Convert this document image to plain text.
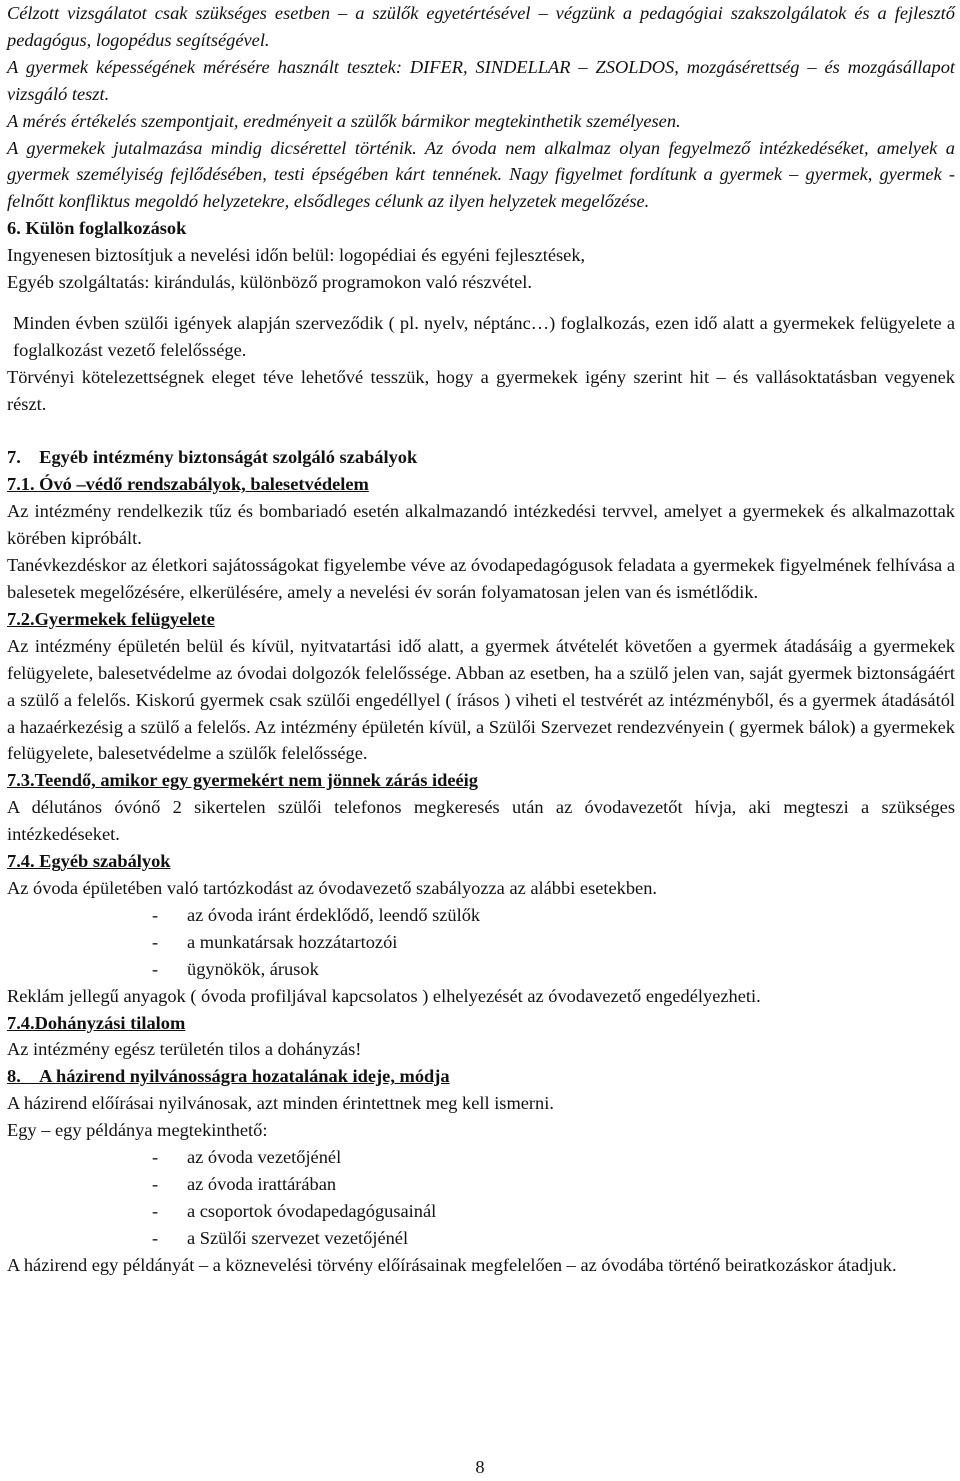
Célzott vizsgálatot csak szükséges esetben – a szülők egyetértésével – végzünk a pedagógiai szakszolgálatok és a fejlesztő pedagógus, logopédus segítségével.

A gyermek képességének mérésére használt tesztek: DIFER, SINDELLAR – ZSOLDOS, mozgásérettség – és mozgásállapot vizsgáló teszt.

A mérés értékelés szempontjait, eredményeit a szülők bármikor megtekinthetik személyesen.

A gyermekek jutalmazása mindig dicsérettel történik. Az óvoda nem alkalmaz olyan fegyelmező intézkedéséket, amelyek a gyermek személyiség fejlődésében, testi épségében kárt tennének. Nagy figyelmet fordítunk a gyermek – gyermek, gyermek - felnőtt konfliktus megoldó helyzetekre, elsődleges célunk az ilyen helyzetek megelőzése.

6. Külön foglalkozások

Ingyenesen biztosítjuk a nevelési időn belül: logopédiai és egyéni fejlesztések,

Egyéb szolgáltatás: kirándulás, különböző programokon való részvétel.

Minden évben szülői igények alapján szerveződik ( pl. nyelv, néptánc…) foglalkozás, ezen idő alatt a gyermekek felügyelete a foglalkozást vezető felelőssége.

Törvényi kötelezettségnek eleget téve lehetővé tesszük, hogy a gyermekek igény szerint hit – és vallásoktatásban vegyenek részt.

7. Egyéb intézmény biztonságát szolgáló szabályok

7.1. Óvó –védő rendszabályok, balesetvédelem

Az intézmény rendelkezik tűz és bombariadó esetén alkalmazandó intézkedési tervvel, amelyet a gyermekek és alkalmazottak körében kipróbált.

Tanévkezdéskor az életkori sajátosságokat figyelembe véve az óvodapedagógusok feladata a gyermekek figyelmének felhívása a balesetek megelőzésére, elkerülésére, amely a nevelési év során folyamatosan jelen van és ismétlődik.

7.2.Gyermekek felügyelete

Az intézmény épületén belül és kívül, nyitvatartási idő alatt, a gyermek átvételét követően a gyermek átadásáig a gyermekek felügyelete, balesetvédelme az óvodai dolgozók felelőssége. Abban az esetben, ha a szülő jelen van, saját gyermek biztonságáért a szülő a felelős. Kiskorú gyermek csak szülői engedéllyel ( írásos ) viheti el testvérét az intézményből, és a gyermek átadásától a hazaérkezésig a szülő a felelős. Az intézmény épületén kívül, a Szülői Szervezet rendezvényein ( gyermek bálok) a gyermekek felügyelete, balesetvédelme a szülők felelőssége.

7.3.Teendő, amikor egy gyermekért nem jönnek zárás ideéig

A délutános óvónő 2 sikertelen szülői telefonos megkeresés után az óvodavezetőt hívja, aki megteszi a szükséges intézkedéseket.

7.4. Egyéb szabályok

Az óvoda épületében való tartózkodást az óvodavezető szabályozza az alábbi esetekben.

- az óvoda iránt érdeklődő, leendő szülők
- a munkatársak hozzátartozói
- ügynökök, árusok

Reklám jellegű anyagok ( óvoda profiljával kapcsolatos ) elhelyezését az óvodavezető engedélyezheti.

7.4.Dohányzási tilalom

Az intézmény egész területén tilos a dohányzás!

8. A házirend nyilvánosságra hozatalának ideje, módja

A házirend előírásai nyilvánosak, azt minden érintettnek meg kell ismerni.

Egy – egy példánya megtekinthető:

- az óvoda vezetőjénél
- az óvoda irattárában
- a csoportok óvodapedagógusainál
- a Szülői szervezet vezetőjénél

A házirend egy példányát – a köznevelési törvény előírásainak megfelelően – az óvodába történő beiratkozáskor átadjuk.

8
